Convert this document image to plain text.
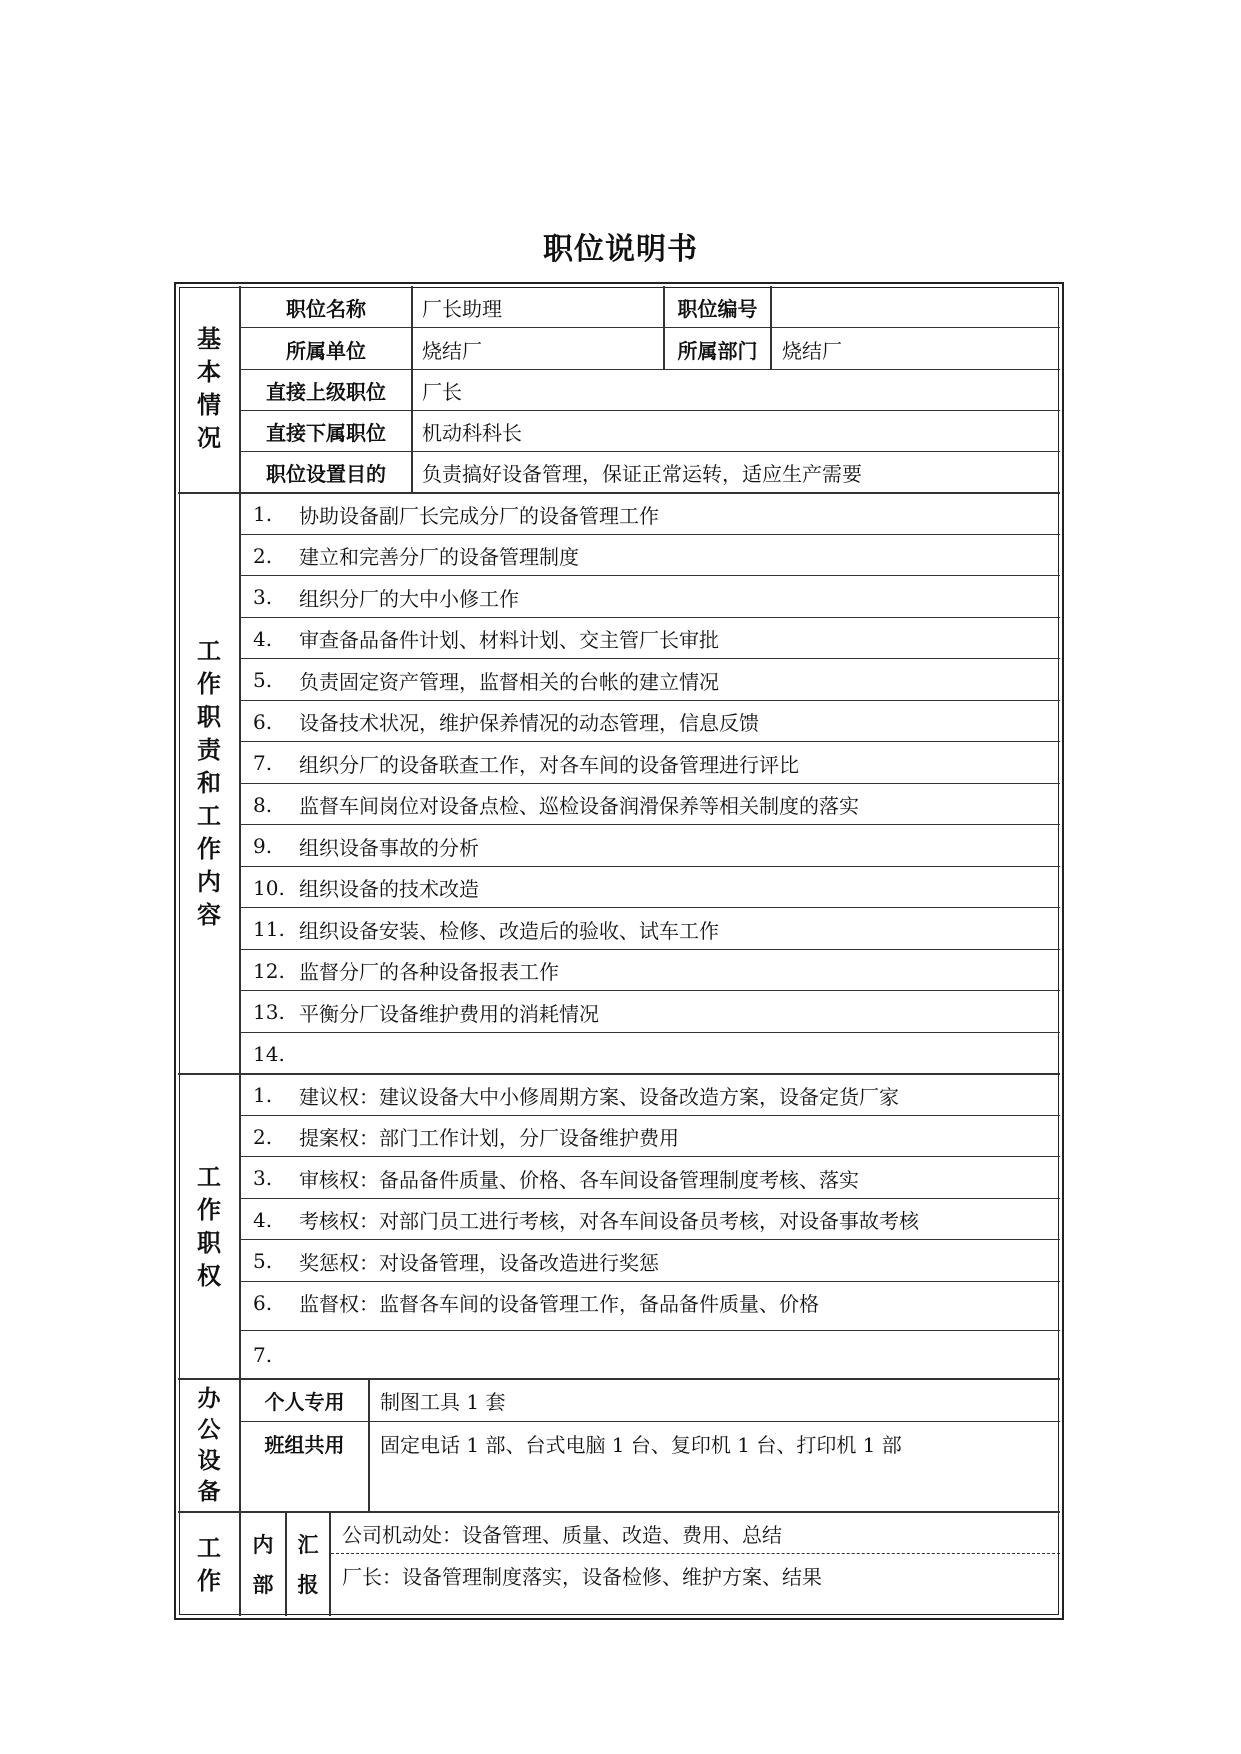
职位说明书
基
本
情
况
职位名称	厂长助理	职位编号
所属单位	烧结厂	所属部门	烧结厂
直接上级职位	厂长
直接下属职位	机动科科长
职位设置目的	负责搞好设备管理，保证正常运转，适应生产需要
工
作
职
责
和
工
作
内
容
1.	协助设备副厂长完成分厂的设备管理工作
2.	建立和完善分厂的设备管理制度
3.	组织分厂的大中小修工作
4.	审查备品备件计划、材料计划、交主管厂长审批
5.	负责固定资产管理，监督相关的台帐的建立情况
6.	设备技术状况，维护保养情况的动态管理，信息反馈
7.	组织分厂的设备联查工作，对各车间的设备管理进行评比
8.	监督车间岗位对设备点检、巡检设备润滑保养等相关制度的落实
9.	组织设备事故的分析
10. 组织设备的技术改造
11. 组织设备安装、检修、改造后的验收、试车工作
12. 监督分厂的各种设备报表工作
13. 平衡分厂设备维护费用的消耗情况
14.
工
作
职
权
1.	建议权：建议设备大中小修周期方案、设备改造方案，设备定货厂家
2.	提案权：部门工作计划，分厂设备维护费用
3.	审核权：备品备件质量、价格、各车间设备管理制度考核、落实
4.	考核权：对部门员工进行考核，对各车间设备员考核，对设备事故考核
5.	奖惩权：对设备管理，设备改造进行奖惩
6.	监督权：监督各车间的设备管理工作，备品备件质量、价格
7.
办
公
设
备
个人专用	制图工具 1 套
班组共用	固定电话 1 部、台式电脑 1 台、复印机 1 台、打印机 1 部
工
作
内
部
汇
报
公司机动处：设备管理、质量、改造、费用、总结
厂长：设备管理制度落实，设备检修、维护方案、结果
